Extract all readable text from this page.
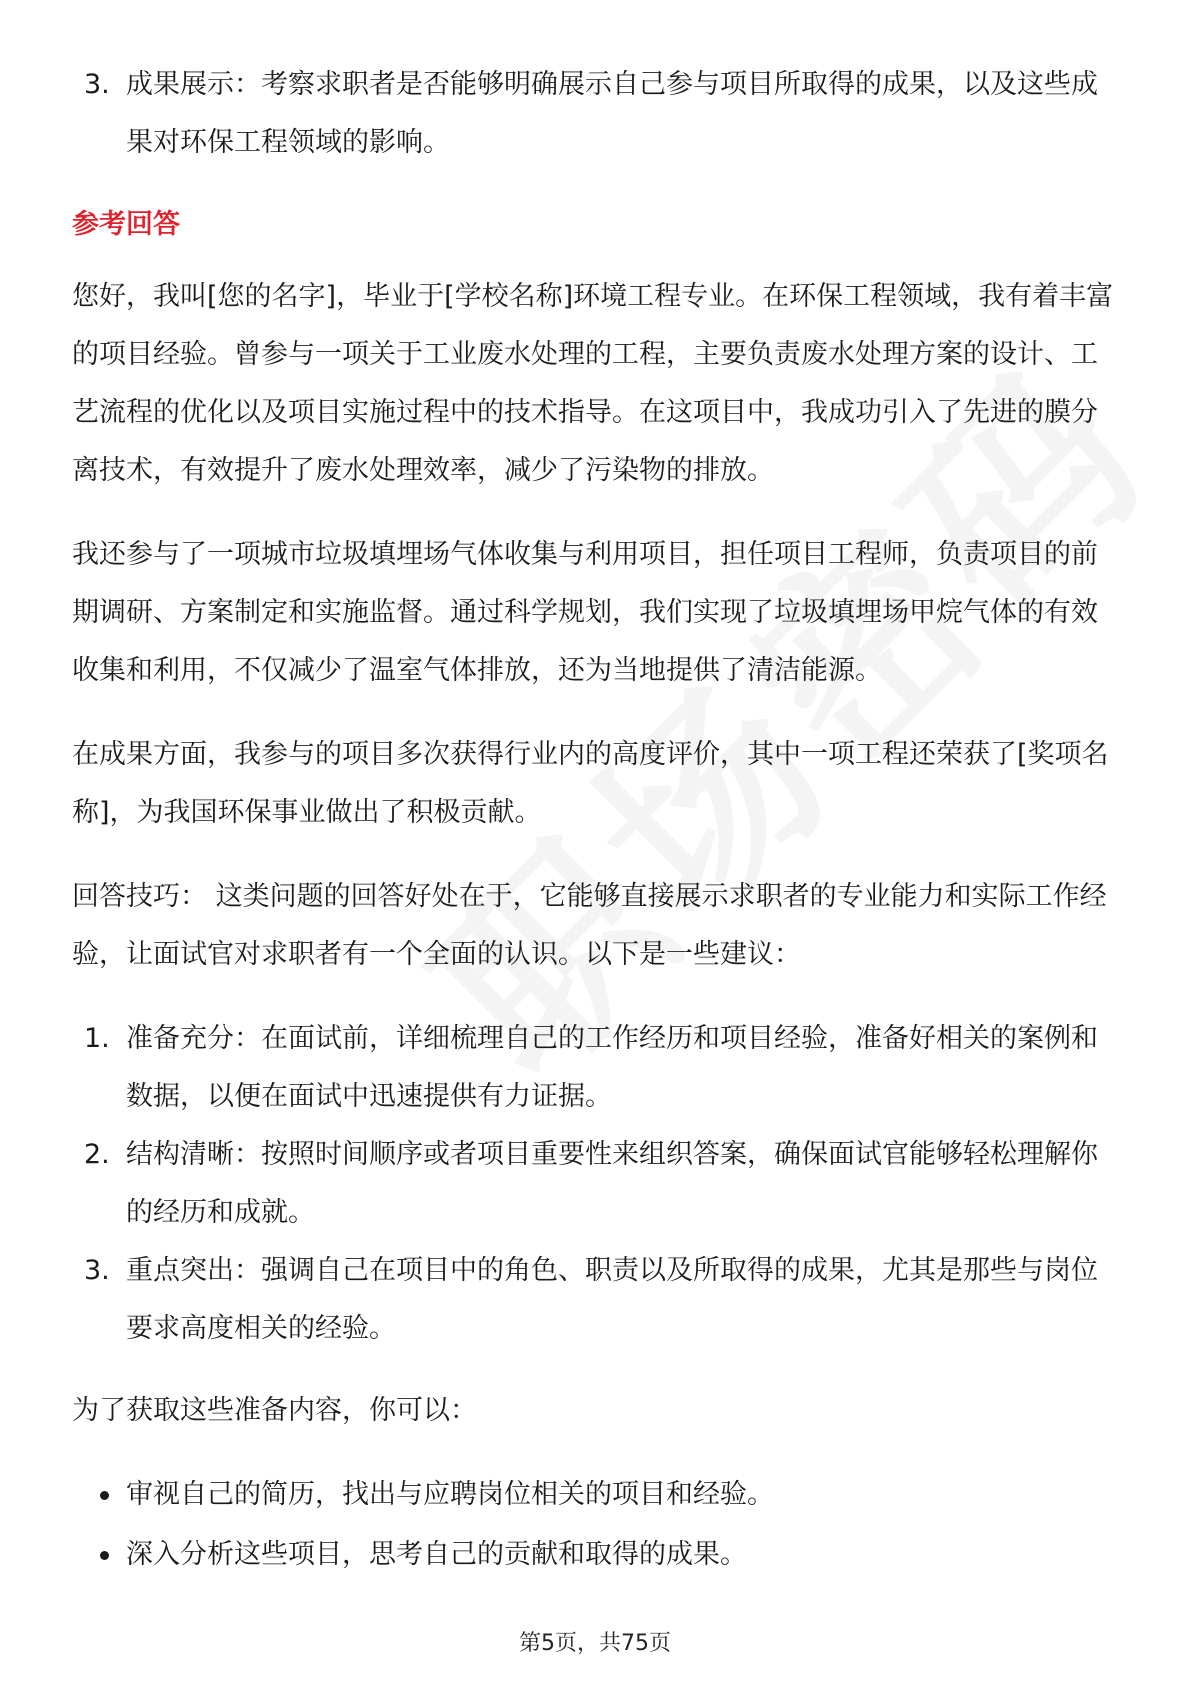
3. 成果展示：考察求职者是否能够明确展示自己参与项目所取得的成果，以及这些成果对环保工程领域的影响。
参考回答

您好，我叫[您的名字]，毕业于[学校名称]环境工程专业。在环保工程领域，我有着丰富的项目经验。曾参与一项关于工业废水处理的工程，主要负责废水处理方案的设计、工艺流程的优化以及项目实施过程中的技术指导。在这项目中，我成功引入了先进的膜分离技术，有效提升了废水处理效率，减少了污染物的排放。

我还参与了一项城市垃圾填埋场气体收集与利用项目，担任项目工程师，负责项目的前期调研、方案制定和实施监督。通过科学规划，我们实现了垃圾填埋场甲烷气体的有效收集和利用，不仅减少了温室气体排放，还为当地提供了清洁能源。

在成果方面，我参与的项目多次获得行业内的高度评价，其中一项工程还荣获了[奖项名称]，为我国环保事业做出了积极贡献。

回答技巧： 这类问题的回答好处在于，它能够直接展示求职者的专业能力和实际工作经验，让面试官对求职者有一个全面的认识。以下是一些建议：

1. 准备充分：在面试前，详细梳理自己的工作经历和项目经验，准备好相关的案例和数据，以便在面试中迅速提供有力证据。
2. 结构清晰：按照时间顺序或者项目重要性来组织答案，确保面试官能够轻松理解你的经历和成就。
3. 重点突出：强调自己在项目中的角色、职责以及所取得的成果，尤其是那些与岗位要求高度相关的经验。

为了获取这些准备内容，你可以：

审视自己的简历，找出与应聘岗位相关的项目和经验。
深入分析这些项目，思考自己的贡献和取得的成果。
第5页，共75页
